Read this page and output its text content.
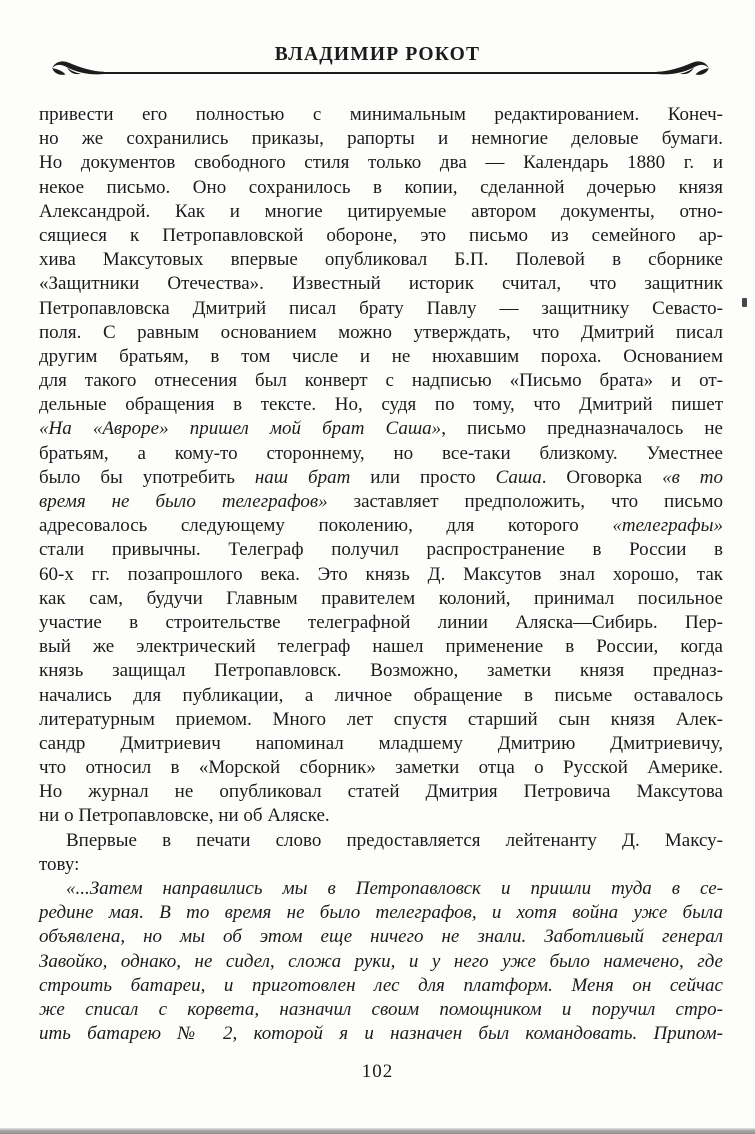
ВЛАДИМИР РОКОТ
привести его полностью с минимальным редактированием. Конеч-
но же сохранились приказы, рапорты и немногие деловые бумаги.
Но документов свободного стиля только два — Календарь 1880 г. и
некое письмо. Оно сохранилось в копии, сделанной дочерью князя
Александрой. Как и многие цитируемые автором документы, отно-
сящиеся к Петропавловской обороне, это письмо из семейного ар-
хива Максутовых впервые опубликовал Б.П. Полевой в сборнике
«Защитники Отечества». Известный историк считал, что защитник
Петропавловска Дмитрий писал брату Павлу — защитнику Севасто-
поля. С равным основанием можно утверждать, что Дмитрий писал
другим братьям, в том числе и не нюхавшим пороха. Основанием
для такого отнесения был конверт с надписью «Письмо брата» и от-
дельные обращения в тексте. Но, судя по тому, что Дмитрий пишет
«На «Авроре» пришел мой брат Саша», письмо предназначалось не
братьям, а кому-то стороннему, но все-таки близкому. Уместнее
было бы употребить наш брат или просто Саша. Оговорка «в то
время не было телеграфов» заставляет предположить, что письмо
адресовалось следующему поколению, для которого «телеграфы»
стали привычны. Телеграф получил распространение в России в
60-х гг. позапрошлого века. Это князь Д. Максутов знал хорошо, так
как сам, будучи Главным правителем колоний, принимал посильное
участие в строительстве телеграфной линии Аляска—Сибирь. Пер-
вый же электрический телеграф нашел применение в России, когда
князь защищал Петропавловск. Возможно, заметки князя предназ-
начались для публикации, а личное обращение в письме оставалось
литературным приемом. Много лет спустя старший сын князя Алек-
сандр Дмитриевич напоминал младшему Дмитрию Дмитриевичу,
что относил в «Морской сборник» заметки отца о Русской Америке.
Но журнал не опубликовал статей Дмитрия Петровича Максутова
ни о Петропавловске, ни об Аляске.
Впервые в печати слово предоставляется лейтенанту Д. Максу-
тову:
«...Затем направились мы в Петропавловск и пришли туда в се-
редине мая. В то время не было телеграфов, и хотя война уже была
объявлена, но мы об этом еще ничего не знали. Заботливый генерал
Завойко, однако, не сидел, сложа руки, и у него уже было намечено, где
строить батареи, и приготовлен лес для платформ. Меня он сейчас
же списал с корвета, назначил своим помощником и поручил стро-
ить батарею № 2, которой я и назначен был командовать. Припом-
102
